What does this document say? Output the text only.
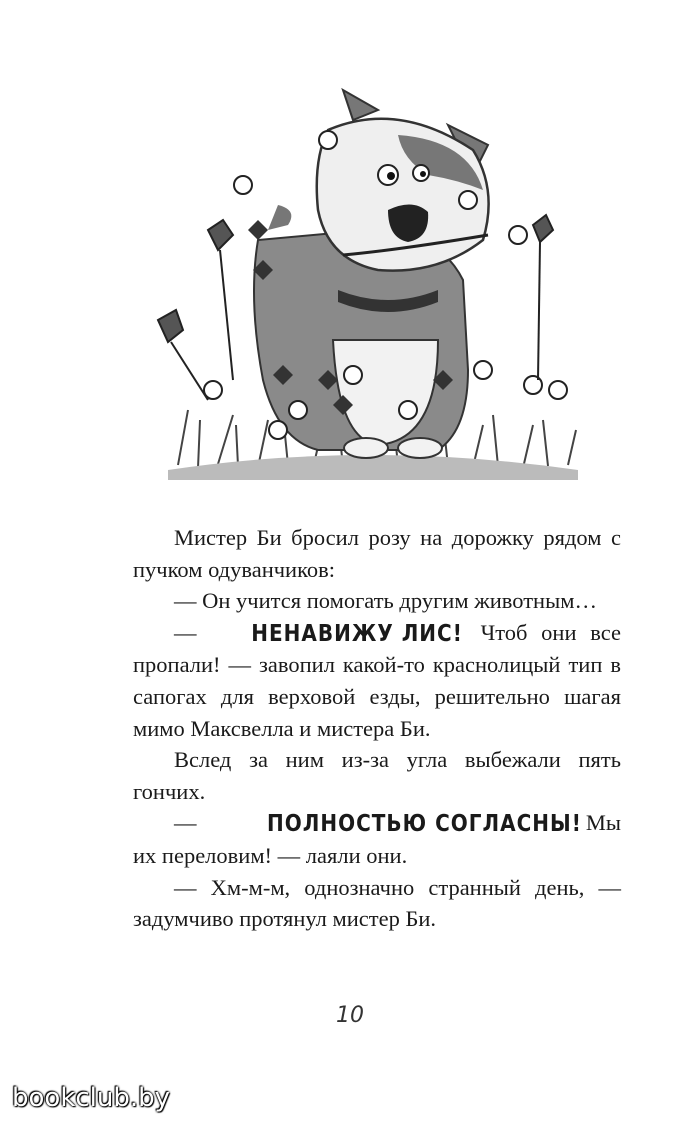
Мистер Би бросил розу на дорожку рядом с пучком одуванчиков:

— Он учится помогать другим животным…

— НЕНАВИЖУ ЛИС! Чтоб они все пропали! — завопил какой-то краснолицый тип в сапогах для верховой езды, решительно шагая мимо Максвелла и мистера Би.

Вслед за ним из-за угла выбежали пять гончих.

— ПОЛНОСТЬЮ СОГЛАСНЫ! Мы их переловим! — лаяли они.

— Хм-м-м, однозначно странный день, — задумчиво протянул мистер Би.

10
bookclub.by
